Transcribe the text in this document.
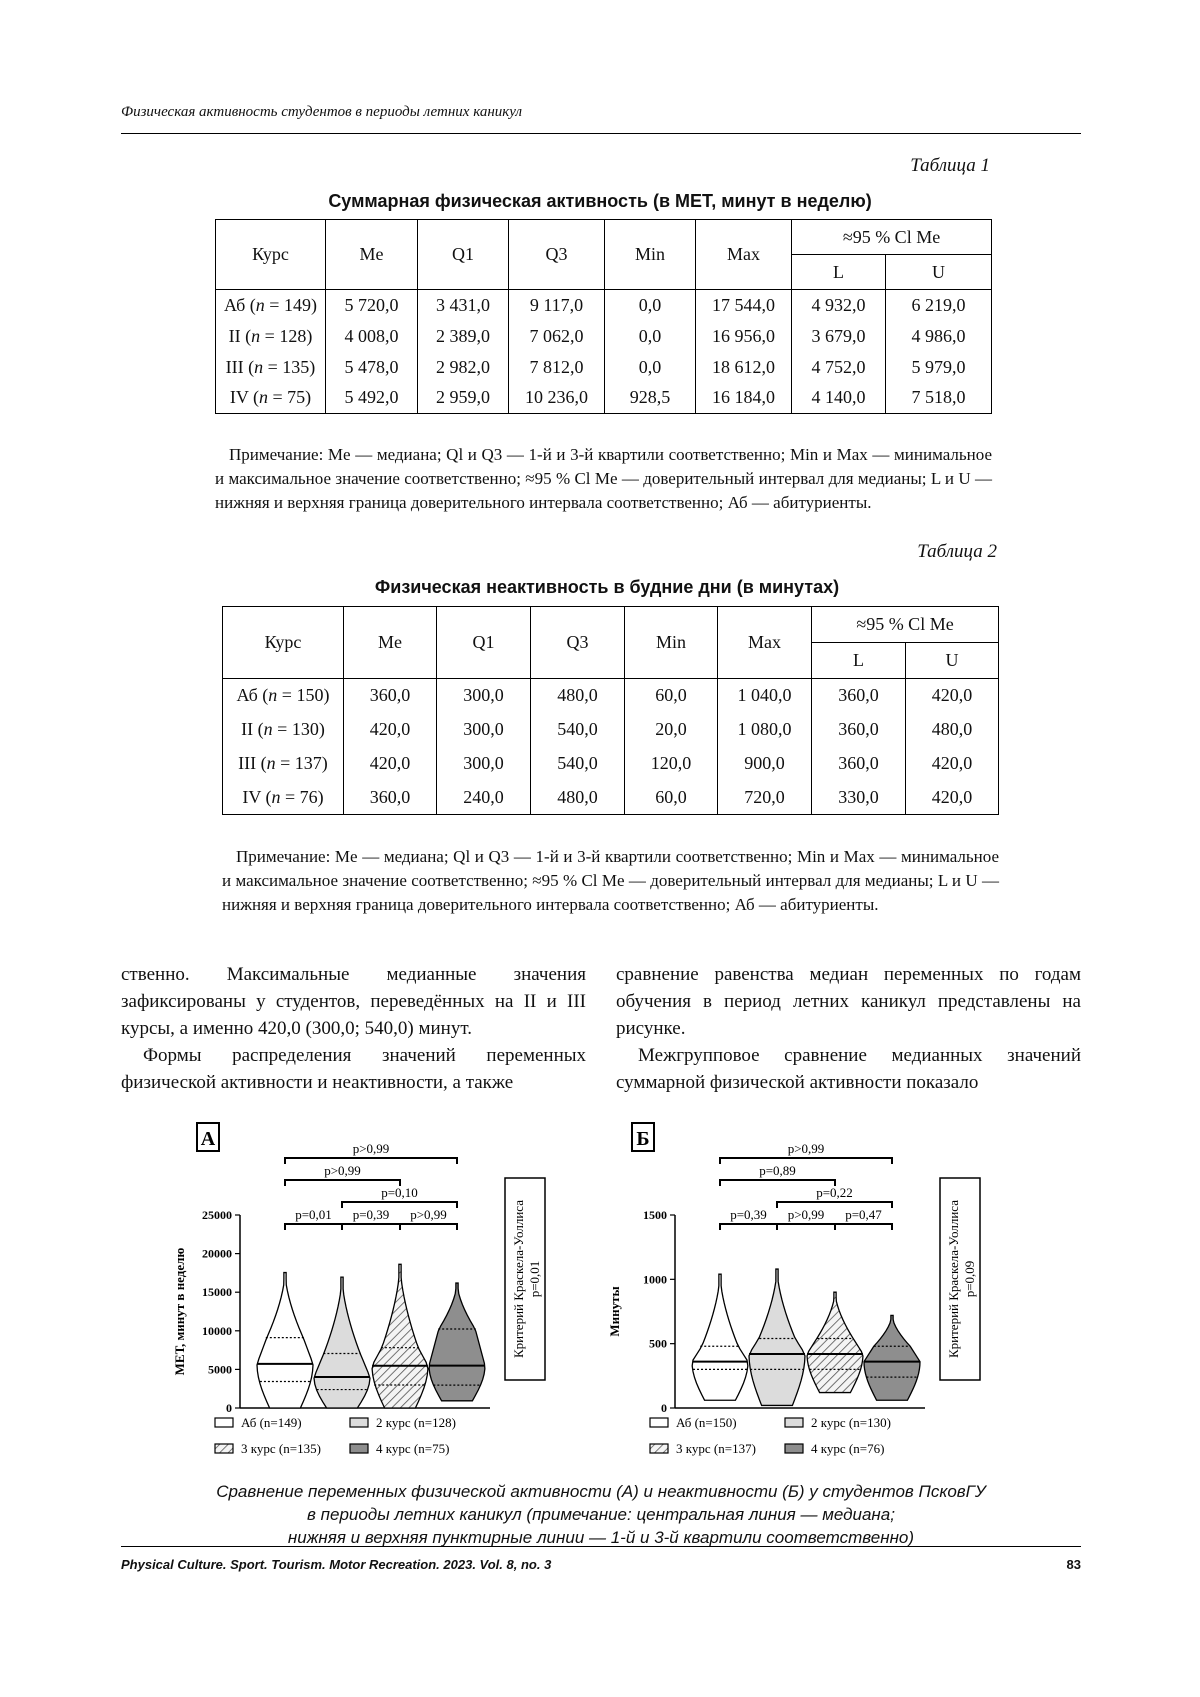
Физическая активность студентов в периоды летних каникул
Таблица 1
Суммарная физическая активность (в МЕТ, минут в неделю)
Курс	Me	Q1	Q3	Min	Max	≈95 % Cl Me	
						L	U
Аб (n = 149)	5 720,0	3 431,0	9 117,0	0,0	17 544,0	4 932,0	6 219,0
II (n = 128)	4 008,0	2 389,0	7 062,0	0,0	16 956,0	3 679,0	4 986,0
III (n = 135)	5 478,0	2 982,0	7 812,0	0,0	18 612,0	4 752,0	5 979,0
IV (n = 75)	5 492,0	2 959,0	10 236,0	928,5	16 184,0	4 140,0	7 518,0
Примечание: Me — медиана; Ql и Q3 — 1-й и 3-й квартили соответственно; Min и Max — минимальное и максимальное значение соответственно; ≈95 % Cl Me — доверительный интервал для медианы; L и U — нижняя и верхняя граница доверительного интервала соответственно; Аб — абитуриенты.
Таблица 2
Физическая неактивность в будние дни (в минутах)
Курс	Me	Q1	Q3	Min	Max	≈95 % Cl Me	
						L	U
Аб (n = 150)	360,0	300,0	480,0	60,0	1 040,0	360,0	420,0
II (n = 130)	420,0	300,0	540,0	20,0	1 080,0	360,0	480,0
III (n = 137)	420,0	300,0	540,0	120,0	900,0	360,0	420,0
IV (n = 76)	360,0	240,0	480,0	60,0	720,0	330,0	420,0
Примечание: Me — медиана; Ql и Q3 — 1-й и 3-й квартили соответственно; Min и Max — минимальное и максимальное значение соответственно; ≈95 % Cl Me — доверительный интервал для медианы; L и U — нижняя и верхняя граница доверительного интервала соответственно; Аб — абитуриенты.

ственно. Максимальные медианные значения зафиксированы у студентов, переведённых на II и III курсы, а именно 420,0 (300,0; 540,0) минут.

Формы распределения значений переменных физической активности и неактивности, а также

сравнение равенства медиан переменных по годам обучения в период летних каникул представлены на рисунке.

Межгрупповое сравнение медианных значений суммарной физической активности показало

А
0
5000
10000
15000
20000
25000
МЕТ, минут в неделю
p>0,99
p>0,99
p=0,10
p=0,01 p=0,39 p>0,99	Критерий Краскела-Уоллиса p=0,01
Аб (n=149)	2 курс (n=128)
3 курс (n=135)	4 курс (n=75)
Б
0
500
1000
1500
Минуты
p>0,99
p=0,89
p=0,22
p=0,39 p>0,99 p=0,47	Критерий Краскела-Уоллиса p=0,09
Аб (n=150)	2 курс (n=130)
3 курс (n=137)	4 курс (n=76)
Сравнение переменных физической активности (А) и неактивности (Б) у студентов ПсковГУ
в периоды летних каникул (примечание: центральная линия — медиана;
нижняя и верхняя пунктирные линии — 1-й и 3-й квартили соответственно)
Physical Culture. Sport. Tourism. Motor Recreation. 2023. Vol. 8, no. 3	83
